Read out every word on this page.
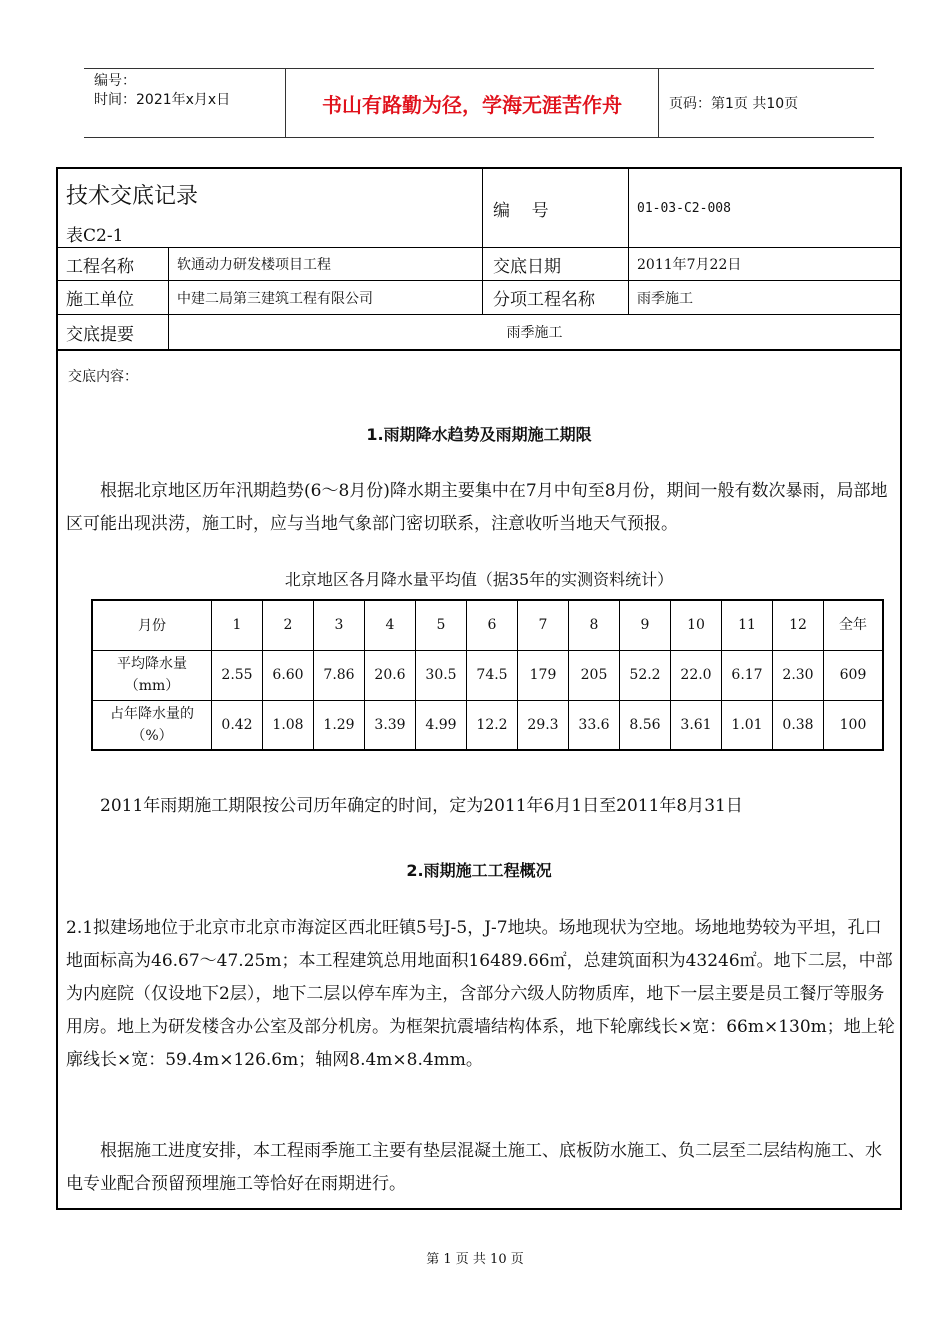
编号：
时间：2021年x月x日	书山有路勤为径，学海无涯苦作舟	页码：第1页 共10页
技术交底记录
表C2-1
编    号	01-03-C2-008
工程名称	软通动力研发楼项目工程	交底日期	2011年7月22日
施工单位	中建二局第三建筑工程有限公司	分项工程名称	雨季施工
交底提要	雨季施工
交底内容：
1.雨期降水趋势及雨期施工期限
根据北京地区历年汛期趋势(6～8月份)降水期主要集中在7月中旬至8月份，期间一般有数次暴雨，局部地区可能出现洪涝，施工时，应与当地气象部门密切联系，注意收听当地天气预报。
北京地区各月降水量平均值（据35年的实测资料统计）
月份	1	2	3	4	5	6	7	8	9	10	11	12	全年
平均降水量（mm）	2.55	6.60	7.86	20.6	30.5	74.5	179	205	52.2	22.0	6.17	2.30	609
占年降水量的（%）	0.42	1.08	1.29	3.39	4.99	12.2	29.3	33.6	8.56	3.61	1.01	0.38	100
2011年雨期施工期限按公司历年确定的时间，定为2011年6月1日至2011年8月31日
2.雨期施工工程概况
2.1拟建场地位于北京市北京市海淀区西北旺镇5号J-5，J-7地块。场地现状为空地。场地地势较为平坦，孔口地面标高为46.67～47.25m；本工程建筑总用地面积16489.66㎡，总建筑面积为43246㎡。地下二层，中部为内庭院（仅设地下2层），地下二层以停车库为主，含部分六级人防物质库，地下一层主要是员工餐厅等服务用房。地上为研发楼含办公室及部分机房。为框架抗震墙结构体系，地下轮廓线长×宽：66m×130m；地上轮廓线长×宽：59.4m×126.6m；轴网8.4m×8.4mm。
根据施工进度安排，本工程雨季施工主要有垫层混凝土施工、底板防水施工、负二层至二层结构施工、水电专业配合预留预埋施工等恰好在雨期进行。
第 1 页 共 10 页
